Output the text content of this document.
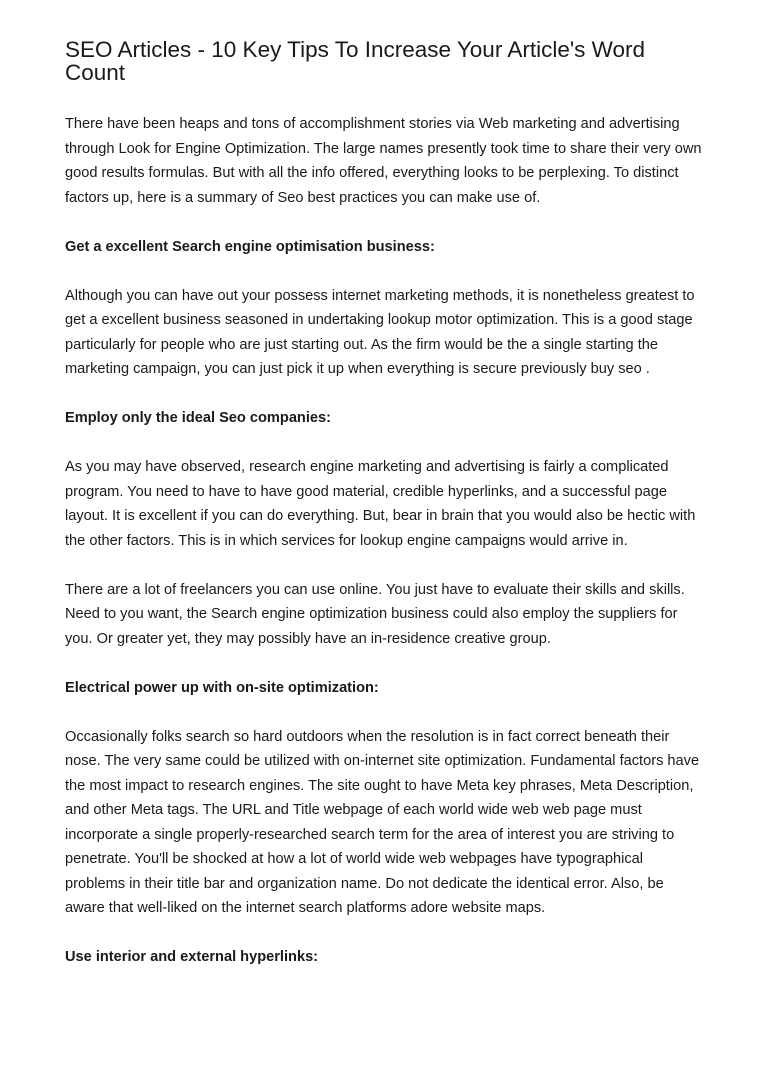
SEO Articles - 10 Key Tips To Increase Your Article's Word Count

There have been heaps and tons of accomplishment stories via Web marketing and advertising through Look for Engine Optimization. The large names presently took time to share their very own good results formulas. But with all the info offered, everything looks to be perplexing. To distinct factors up, here is a summary of Seo best practices you can make use of.

Get a excellent Search engine optimisation business:

Although you can have out your possess internet marketing methods, it is nonetheless greatest to get a excellent business seasoned in undertaking lookup motor optimization. This is a good stage particularly for people who are just starting out. As the firm would be the a single starting the marketing campaign, you can just pick it up when everything is secure previously buy seo .

Employ only the ideal Seo companies:

As you may have observed, research engine marketing and advertising is fairly a complicated program. You need to have to have good material, credible hyperlinks, and a successful page layout. It is excellent if you can do everything. But, bear in brain that you would also be hectic with the other factors. This is in which services for lookup engine campaigns would arrive in.

There are a lot of freelancers you can use online. You just have to evaluate their skills and skills. Need to you want, the Search engine optimization business could also employ the suppliers for you. Or greater yet, they may possibly have an in-residence creative group.

Electrical power up with on-site optimization:

Occasionally folks search so hard outdoors when the resolution is in fact correct beneath their nose. The very same could be utilized with on-internet site optimization. Fundamental factors have the most impact to research engines. The site ought to have Meta key phrases, Meta Description, and other Meta tags. The URL and Title webpage of each world wide web web page must incorporate a single properly-researched search term for the area of interest you are striving to penetrate. You'll be shocked at how a lot of world wide web webpages have typographical problems in their title bar and organization name. Do not dedicate the identical error. Also, be aware that well-liked on the internet search platforms adore website maps.

Use interior and external hyperlinks:
